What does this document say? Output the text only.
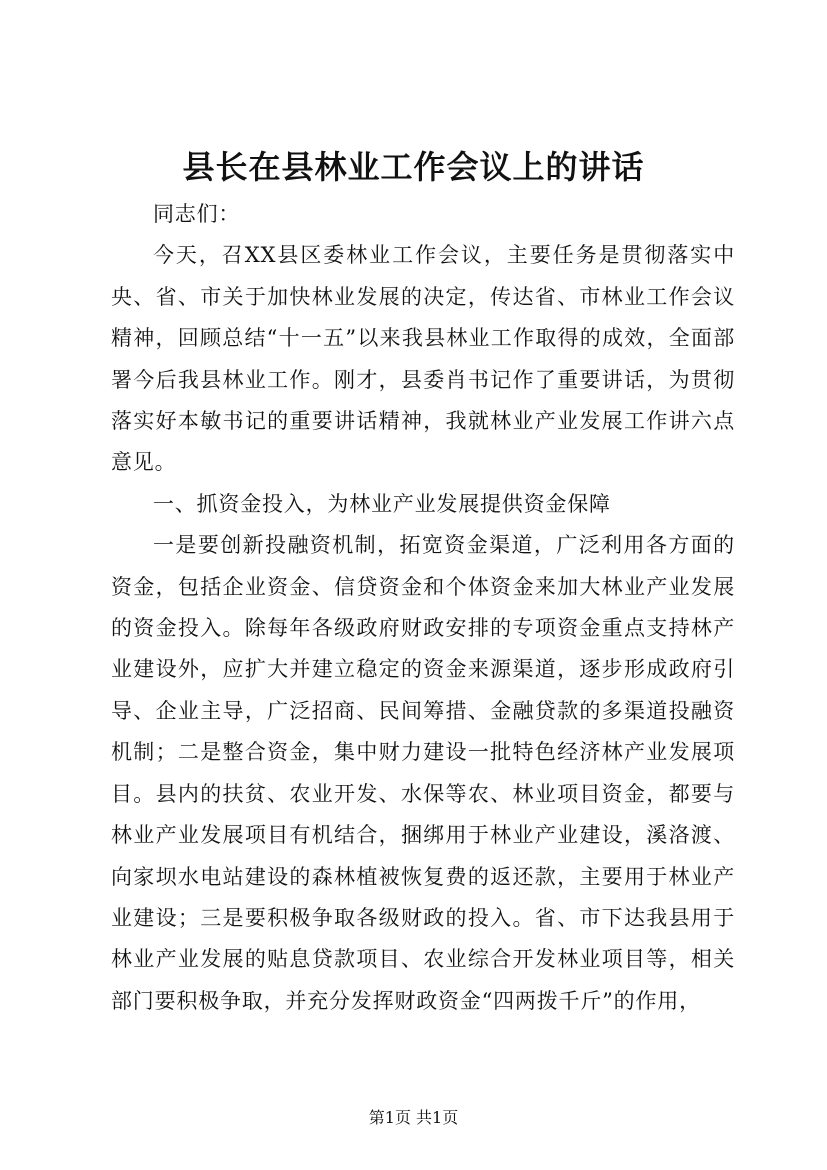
县长在县林业工作会议上的讲话

同志们：

今天，召XX县区委林业工作会议，主要任务是贯彻落实中央、省、市关于加快林业发展的决定，传达省、市林业工作会议精神，回顾总结“十一五”以来我县林业工作取得的成效，全面部署今后我县林业工作。刚才，县委肖书记作了重要讲话，为贯彻落实好本敏书记的重要讲话精神，我就林业产业发展工作讲六点意见。

一、抓资金投入，为林业产业发展提供资金保障

一是要创新投融资机制，拓宽资金渠道，广泛利用各方面的资金，包括企业资金、信贷资金和个体资金来加大林业产业发展的资金投入。除每年各级政府财政安排的专项资金重点支持林产业建设外，应扩大并建立稳定的资金来源渠道，逐步形成政府引导、企业主导，广泛招商、民间筹措、金融贷款的多渠道投融资机制；二是整合资金，集中财力建设一批特色经济林产业发展项目。县内的扶贫、农业开发、水保等农、林业项目资金，都要与林业产业发展项目有机结合，捆绑用于林业产业建设，溪洛渡、向家坝水电站建设的森林植被恢复费的返还款，主要用于林业产业建设；三是要积极争取各级财政的投入。省、市下达我县用于林业产业发展的贴息贷款项目、农业综合开发林业项目等，相关部门要积极争取，并充分发挥财政资金“四两拨千斤”的作用，

第1页 共1页
